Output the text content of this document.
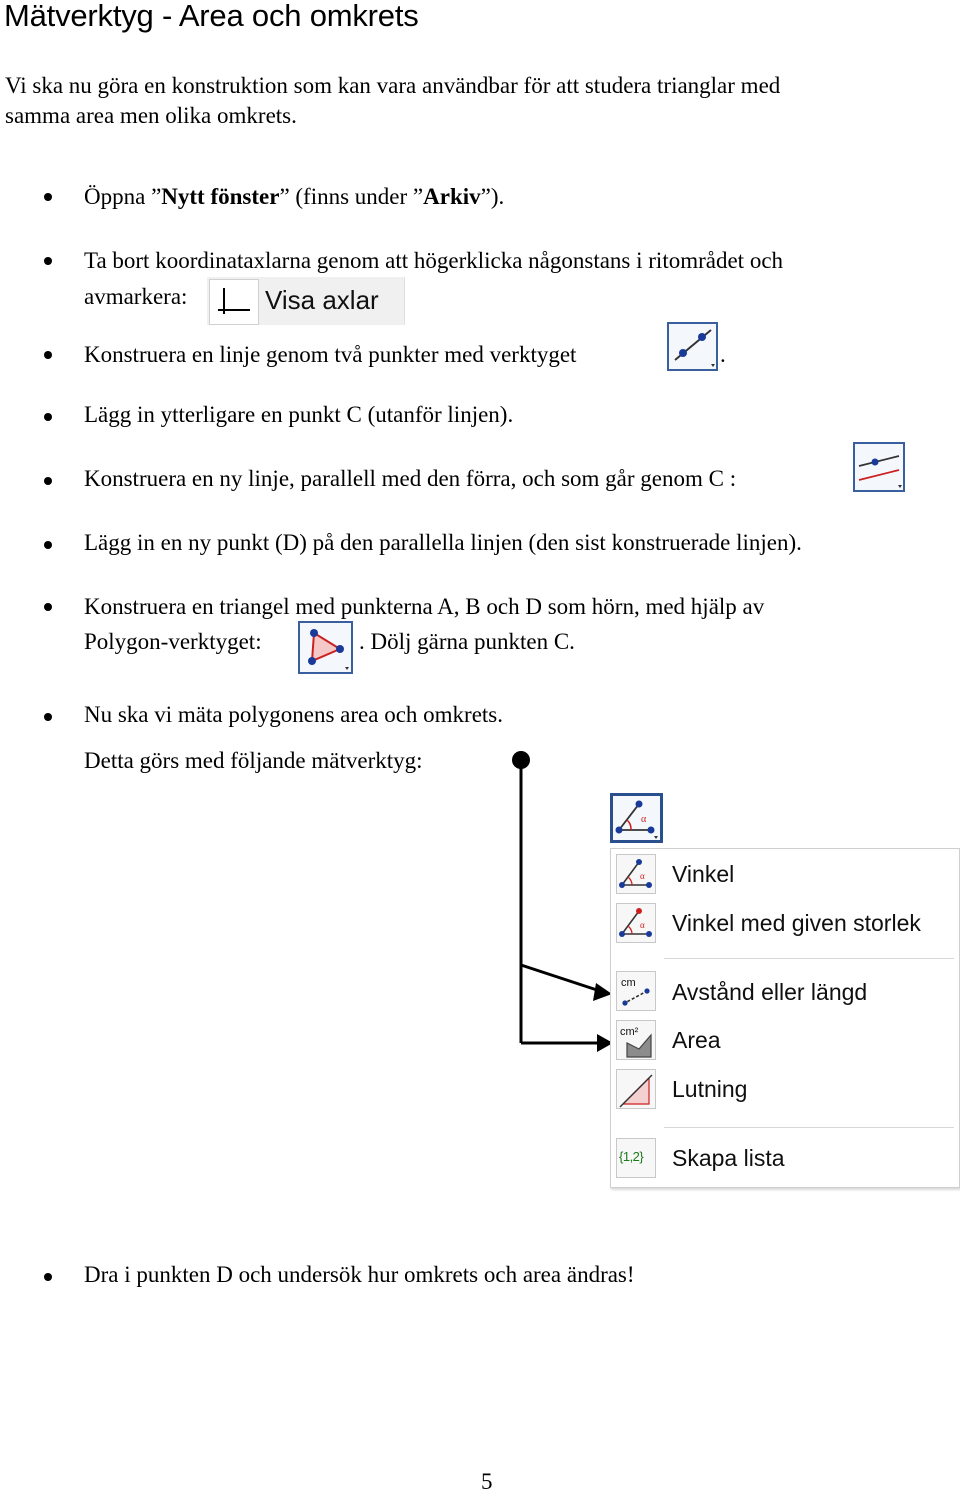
Mätverktyg - Area och omkrets
Vi ska nu göra en konstruktion som kan vara användbar för att studera trianglar med
samma area men olika omkrets.
Öppna ”Nytt fönster” (finns under ”Arkiv”).
Ta bort koordinataxlarna genom att högerklicka någonstans i ritområdet och
avmarkera:	Visa axlar
Konstruera en linje genom två punkter med verktyget	.
Lägg in ytterligare en punkt C (utanför linjen).
Konstruera en ny linje, parallell med den förra, och som går genom C :
Lägg in en ny punkt (D) på den parallella linjen (den sist konstruerade linjen).
Konstruera en triangel med punkterna A, B och D som hörn, med hjälp av
Polygon-verktyget:	. Dölj gärna punkten C.
Nu ska vi mäta polygonens area och omkrets.
Detta görs med följande mätverktyg:
α
α Vinkel
α Vinkel med given storlek
cm Avstånd eller längd
cm² Area
Lutning
{1,2} Skapa lista
Dra i punkten D och undersök hur omkrets och area ändras!
5
